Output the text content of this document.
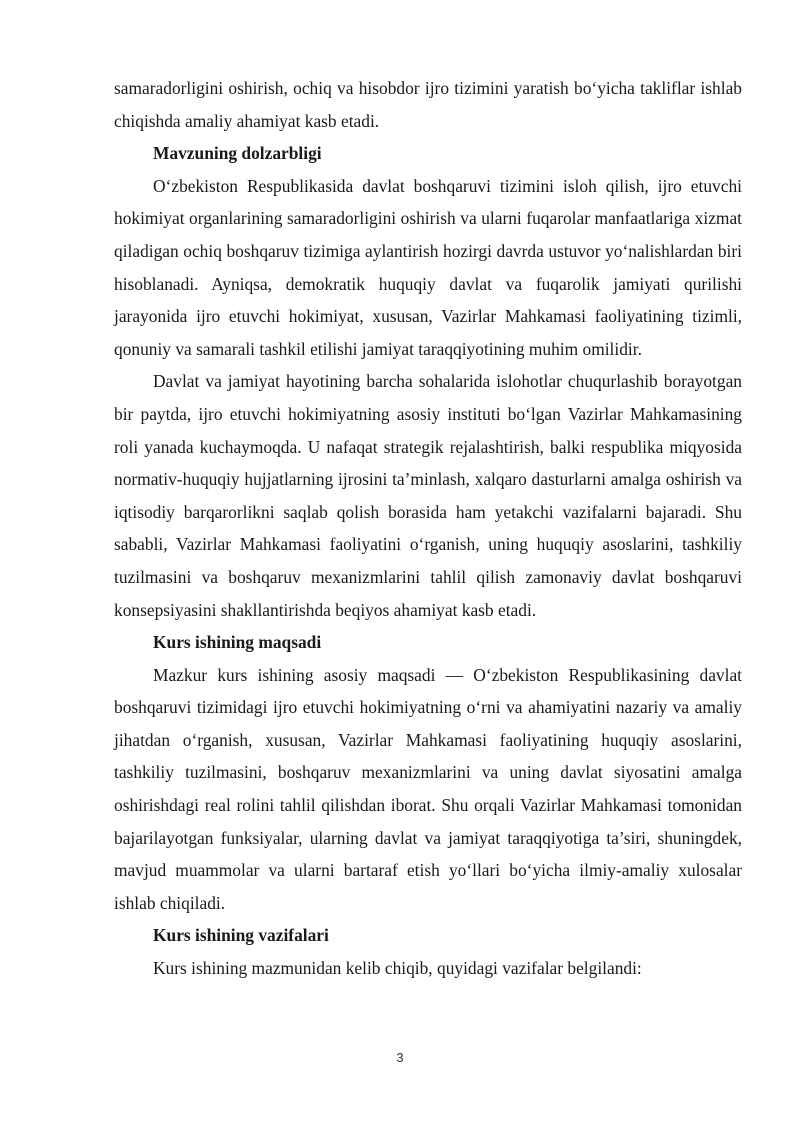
samaradorligini oshirish, ochiq va hisobdor ijro tizimini yaratish bo‘yicha takliflar ishlab chiqishda amaliy ahamiyat kasb etadi.

Mavzuning dolzarbligi

O‘zbekiston Respublikasida davlat boshqaruvi tizimini isloh qilish, ijro etuvchi hokimiyat organlarining samaradorligini oshirish va ularni fuqarolar manfaatlariga xizmat qiladigan ochiq boshqaruv tizimiga aylantirish hozirgi davrda ustuvor yo‘nalishlardan biri hisoblanadi. Ayniqsa, demokratik huquqiy davlat va fuqarolik jamiyati qurilishi jarayonida ijro etuvchi hokimiyat, xususan, Vazirlar Mahkamasi faoliyatining tizimli, qonuniy va samarali tashkil etilishi jamiyat taraqqiyotining muhim omilidir.

Davlat va jamiyat hayotining barcha sohalarida islohotlar chuqurlashib borayotgan bir paytda, ijro etuvchi hokimiyatning asosiy instituti bo‘lgan Vazirlar Mahkamasining roli yanada kuchaymoqda. U nafaqat strategik rejalashtirish, balki respublika miqyosida normativ-huquqiy hujjatlarning ijrosini ta’minlash, xalqaro dasturlarni amalga oshirish va iqtisodiy barqarorlikni saqlab qolish borasida ham yetakchi vazifalarni bajaradi. Shu sababli, Vazirlar Mahkamasi faoliyatini o‘rganish, uning huquqiy asoslarini, tashkiliy tuzilmasini va boshqaruv mexanizmlarini tahlil qilish zamonaviy davlat boshqaruvi konsepsiyasini shakllantirishda beqiyos ahamiyat kasb etadi.

Kurs ishining maqsadi

Mazkur kurs ishining asosiy maqsadi — O‘zbekiston Respublikasining davlat boshqaruvi tizimidagi ijro etuvchi hokimiyatning o‘rni va ahamiyatini nazariy va amaliy jihatdan o‘rganish, xususan, Vazirlar Mahkamasi faoliyatining huquqiy asoslarini, tashkiliy tuzilmasini, boshqaruv mexanizmlarini va uning davlat siyosatini amalga oshirishdagi real rolini tahlil qilishdan iborat. Shu orqali Vazirlar Mahkamasi tomonidan bajarilayotgan funksiyalar, ularning davlat va jamiyat taraqqiyotiga ta’siri, shuningdek, mavjud muammolar va ularni bartaraf etish yo‘llari bo‘yicha ilmiy-amaliy xulosalar ishlab chiqiladi.

Kurs ishining vazifalari

Kurs ishining mazmunidan kelib chiqib, quyidagi vazifalar belgilandi:

3
